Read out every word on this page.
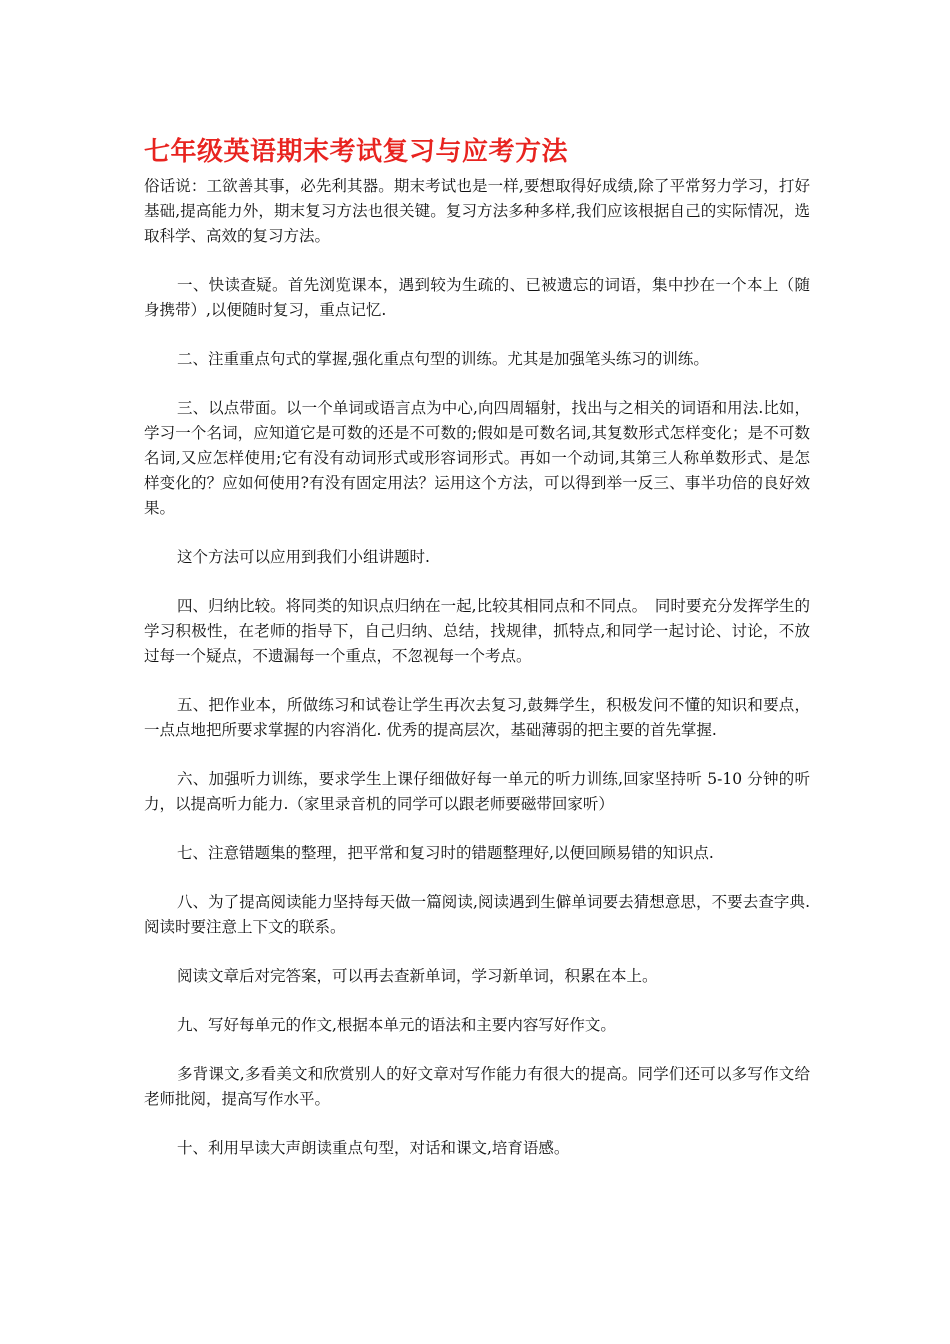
七年级英语期末考试复习与应考方法

俗话说：工欲善其事，必先利其器。期末考试也是一样,要想取得好成绩,除了平常努力学习，打好基础,提高能力外，期末复习方法也很关键。复习方法多种多样,我们应该根据自己的实际情况，选取科学、高效的复习方法。

一、快读查疑。首先浏览课本，遇到较为生疏的、已被遗忘的词语，集中抄在一个本上（随身携带）,以便随时复习，重点记忆.

二、注重重点句式的掌握,强化重点句型的训练。尤其是加强笔头练习的训练。

三、以点带面。以一个单词或语言点为中心,向四周辐射，找出与之相关的词语和用法.比如，学习一个名词，应知道它是可数的还是不可数的;假如是可数名词,其复数形式怎样变化；是不可数名词,又应怎样使用;它有没有动词形式或形容词形式。再如一个动词,其第三人称单数形式、是怎样变化的？应如何使用?有没有固定用法？运用这个方法，可以得到举一反三、事半功倍的良好效果。

这个方法可以应用到我们小组讲题时.

四、归纳比较。将同类的知识点归纳在一起,比较其相同点和不同点。　同时要充分发挥学生的学习积极性，在老师的指导下，自己归纳、总结，找规律，抓特点,和同学一起讨论、讨论，不放过每一个疑点，不遗漏每一个重点，不忽视每一个考点。

五、把作业本，所做练习和试卷让学生再次去复习,鼓舞学生，积极发问不懂的知识和要点，一点点地把所要求掌握的内容消化. 优秀的提高层次，基础薄弱的把主要的首先掌握.

六、加强听力训练，要求学生上课仔细做好每一单元的听力训练,回家坚持听 5-10 分钟的听力，以提高听力能力.（家里录音机的同学可以跟老师要磁带回家听）

七、注意错题集的整理，把平常和复习时的错题整理好,以便回顾易错的知识点.

八、为了提高阅读能力坚持每天做一篇阅读,阅读遇到生僻单词要去猜想意思，不要去查字典.阅读时要注意上下文的联系。

阅读文章后对完答案，可以再去查新单词，学习新单词，积累在本上。

九、写好每单元的作文,根据本单元的语法和主要内容写好作文。

多背课文,多看美文和欣赏别人的好文章对写作能力有很大的提高。同学们还可以多写作文给老师批阅，提高写作水平。

十、利用早读大声朗读重点句型，对话和课文,培育语感。
